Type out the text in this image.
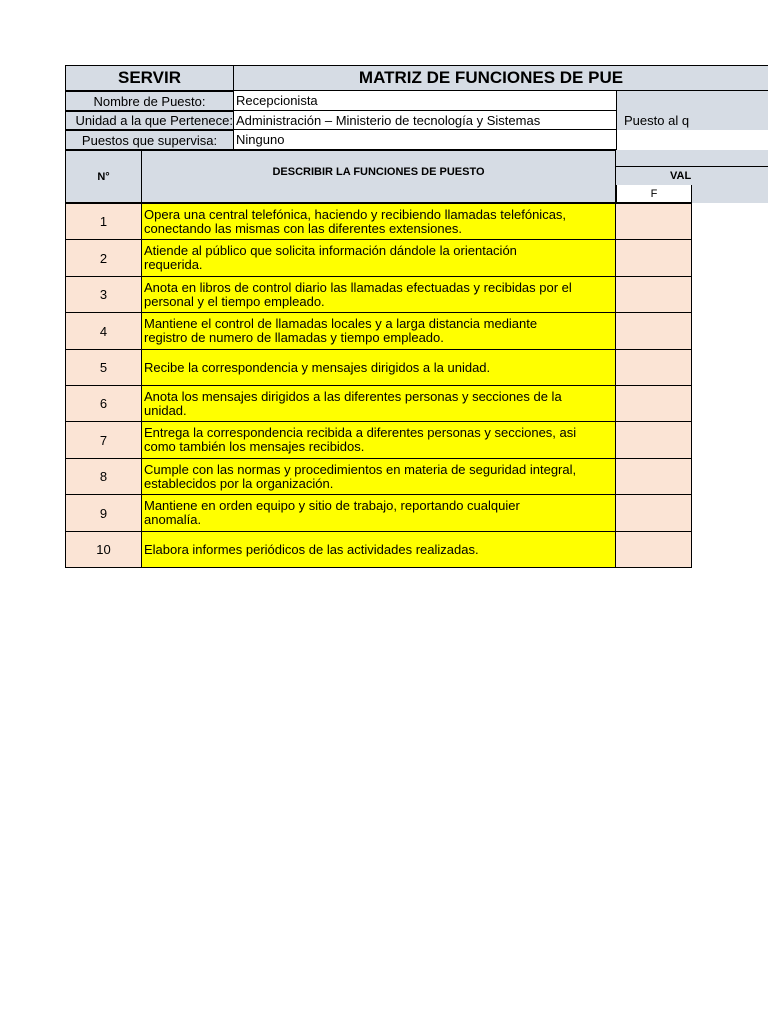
SERVIR	MATRIZ DE FUNCIONES DE PUE
Nombre de Puesto: Recepcionista
Unidad a la que Pertenece: Administración – Ministerio de tecnología y Sistemas	Puesto al q
Puestos que supervisa: Ninguno
N°	DESCRIBIR LA FUNCIONES DE PUESTO	VAL
F
1	Opera una central telefónica, haciendo y recibiendo llamadas telefónicas,
conectando las mismas con las diferentes extensiones.
2	Atiende al público que solicita información dándole la orientación
requerida.
3	Anota en libros de control diario las llamadas efectuadas y recibidas por el
personal y el tiempo empleado.
4	Mantiene el control de llamadas locales y a larga distancia mediante
registro de numero de llamadas y tiempo empleado.
5	Recibe la correspondencia y mensajes dirigidos a la unidad.
6	Anota los mensajes dirigidos a las diferentes personas y secciones de la
unidad.
7	Entrega la correspondencia recibida a diferentes personas y secciones, asi
como también los mensajes recibidos.
8	Cumple con las normas y procedimientos en materia de seguridad integral,
establecidos por la organización.
9	Mantiene en orden equipo y sitio de trabajo, reportando cualquier
anomalía.
10	Elabora informes periódicos de las actividades realizadas.
